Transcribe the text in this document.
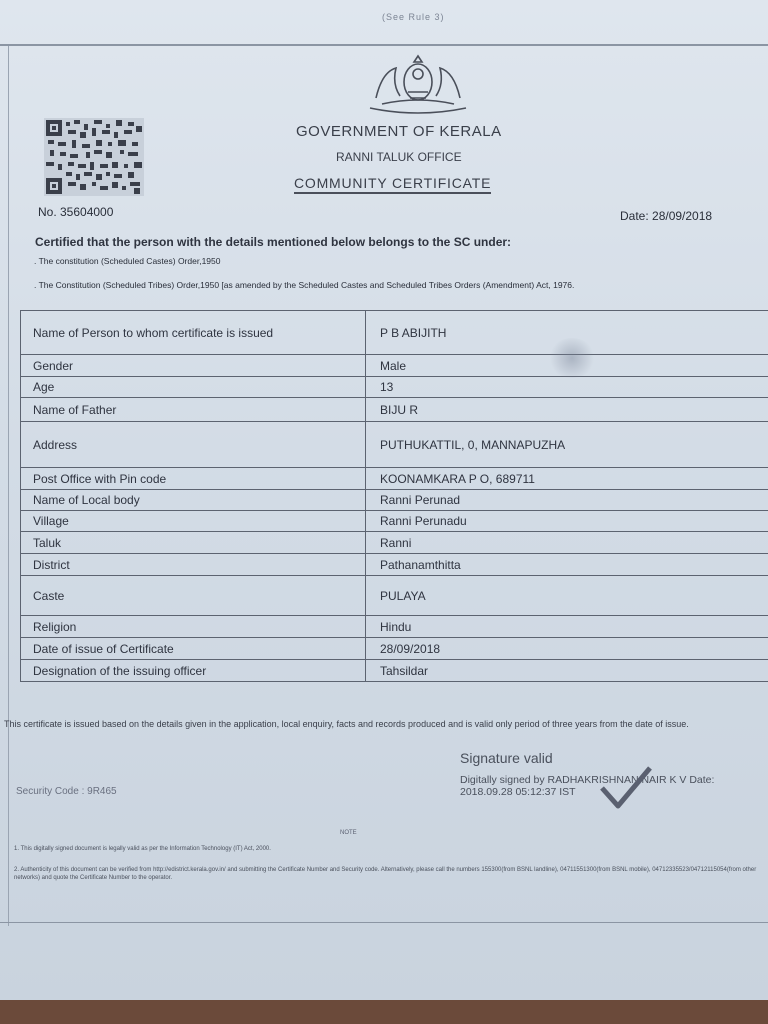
(See Rule 3)
GOVERNMENT OF KERALA
RANNI TALUK OFFICE
COMMUNITY CERTIFICATE
No. 35604000	Date: 28/09/2018
Certified that the person with the details mentioned below belongs to the SC under:
. The constitution (Scheduled Castes) Order,1950
. The Constitution (Scheduled Tribes) Order,1950 [as amended by the Scheduled Castes and Scheduled Tribes Orders (Amendment) Act, 1976.
Name of Person to whom certificate is issued	P B ABIJITH
Gender	Male
Age	13
Name of Father	BIJU R
Address	PUTHUKATTIL, 0, MANNAPUZHA
Post Office with Pin code	KOONAMKARA P O, 689711
Name of Local body	Ranni Perunad
Village	Ranni Perunadu
Taluk	Ranni
District	Pathanamthitta
Caste	PULAYA
Religion	Hindu
Date of issue of Certificate	28/09/2018
Designation of the issuing officer	Tahsildar
This certificate is issued based on the details given in the application, local enquiry, facts and records produced and is valid only period of three years from the date of issue.
Signature valid
Digitally signed by RADHAKRISHNAN NAIR K V Date: 2018.09.28 05:12:37 IST
Security Code : 9R465
NOTE
1. This digitally signed document is legally valid as per the Information Technology (IT) Act, 2000.
2. Authenticity of this document can be verified from http://edistrict.kerala.gov.in/ and submitting the Certificate Number and Security code. Alternatively, please call the numbers 155300(from BSNL landline), 04711551300(from BSNL mobile), 04712335523/04712115054(from other networks) and quote the Certificate Number to the operator.
